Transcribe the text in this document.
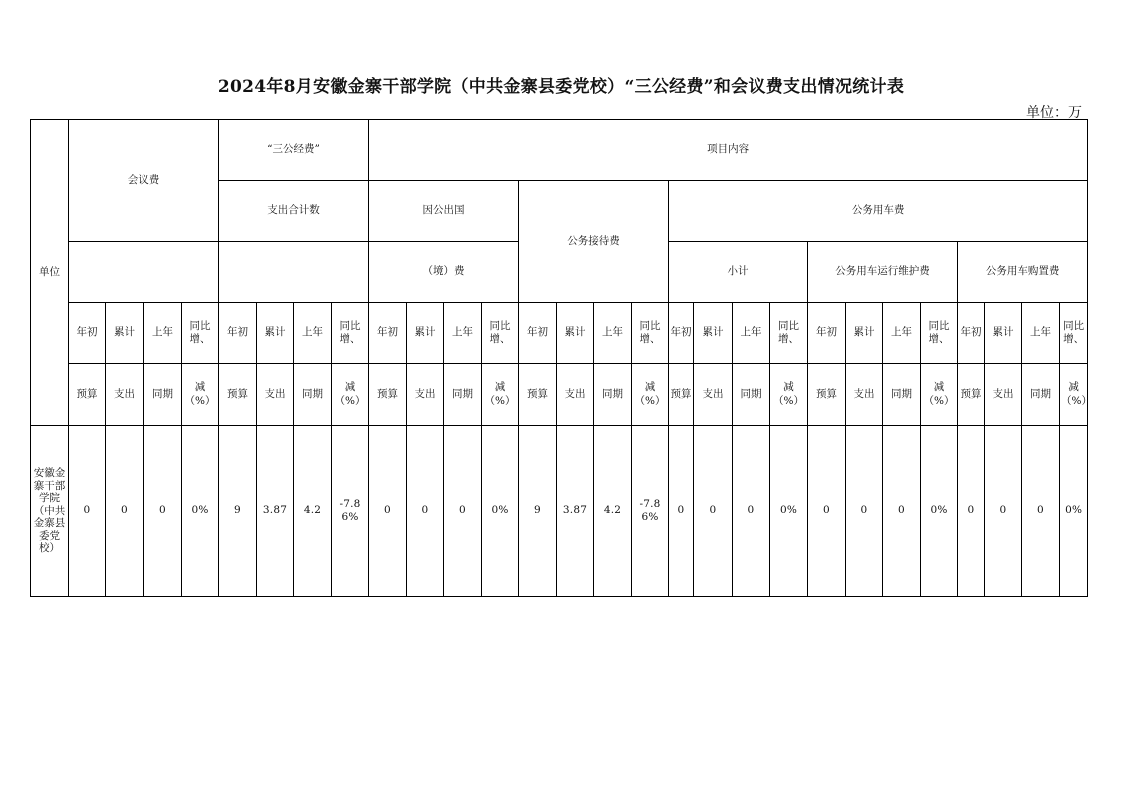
2024年8月安徽金寨干部学院（中共金寨县委党校）“三公经费”和会议费支出情况统计表
单位：万
单位	会议费				“三公经费”				项目内容																			
					支出合计数				因公出国				公务接待费				公务用车费											
									（境）费								小计				公务用车运行维护费				公务用车购置费			
	年初	累计	上年	同比增、	年初	累计	上年	同比增、	年初	累计	上年	同比增、	年初	累计	上年	同比增、	年初	累计	上年	同比增、	年初	累计	上年	同比增、	年初	累计	上年	同比增、
	预算	支出	同期	减（%）	预算	支出	同期	减（%）	预算	支出	同期	减（%）	预算	支出	同期	减（%）	预算	支出	同期	减（%）	预算	支出	同期	减（%）	预算	支出	同期	减（%）
安徽金寨干部学院（中共金寨县委党校）	0	0	0	0%	9	3.87	4.2	-7.86%	0	0	0	0%	9	3.87	4.2	-7.86%	0	0	0	0%	0	0	0	0%	0	0	0	0%
